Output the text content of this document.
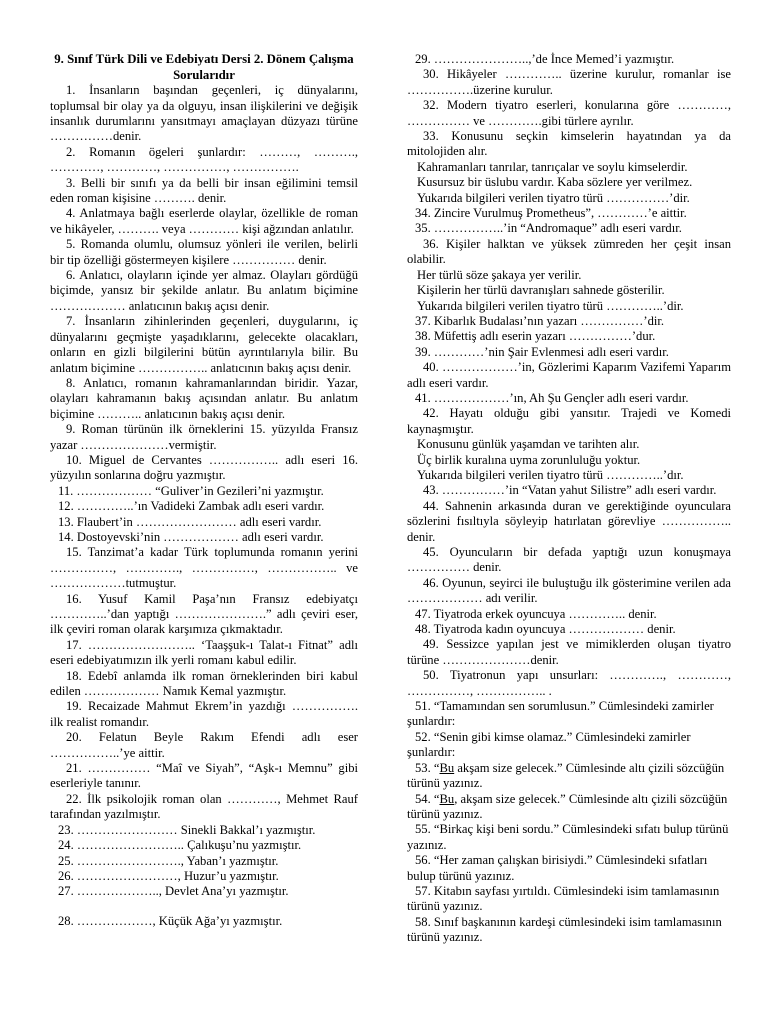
9. Sınıf Türk Dili ve Edebiyatı Dersi 2. Dönem Çalışma Sorularıdır

1. İnsanların başından geçenleri, iç dünyalarını, toplumsal bir olay ya da olguyu, insan ilişkilerini ve değişik insanlık durumlarını yansıtmayı amaçlayan düzyazı türüne ……………denir.

2. Romanın ögeleri şunlardır: ………, ………., …………, …………, ……………, …………….

3. Belli bir sınıfı ya da belli bir insan eğilimini temsil eden roman kişisine ………. denir.

4. Anlatmaya bağlı eserlerde olaylar, özellikle de roman ve hikâyeler, ………. veya ………… kişi ağzından anlatılır.

5. Romanda olumlu, olumsuz yönleri ile verilen, belirli bir tip özelliği göstermeyen kişilere …………… denir.

6. Anlatıcı, olayların içinde yer almaz. Olayları gördüğü biçimde, yansız bir şekilde anlatır. Bu anlatım biçimine ……………… anlatıcının bakış açısı denir.

7. İnsanların zihinlerinden geçenleri, duygularını, iç dünyalarını geçmişte yaşadıklarını, gelecekte olacakları, onların en gizli bilgilerini bütün ayrıntılarıyla bilir. Bu anlatım biçimine …………….. anlatıcının bakış açısı denir.

8. Anlatıcı, romanın kahramanlarından biridir. Yazar, olayları kahramanın bakış açısından anlatır. Bu anlatım biçimine ……….. anlatıcının bakış açısı denir.

9. Roman türünün ilk örneklerini 15. yüzyılda Fransız yazar …………………vermiştir.

10. Miguel de Cervantes …………….. adlı eseri 16. yüzyılın sonlarına doğru yazmıştır.

11. ……………… “Guliver’in Gezileri’ni yazmıştır.

12. …………..’ın Vadideki Zambak adlı eseri vardır.

13. Flaubert’in …………………… adlı eseri vardır.

14. Dostoyevski’nin ……………… adlı eseri vardır.

15. Tanzimat’a kadar Türk toplumunda romanın yerini ……………, …………., ……………, …………….. ve ………………tutmuştur.

16. Yusuf Kamil Paşa’nın Fransız edebiyatçı …………..’dan yaptığı ………………….” adlı çeviri eser, ilk çeviri roman olarak karşımıza çıkmaktadır.

17. …………………….. ‘Taaşşuk-ı Talat-ı Fitnat” adlı eseri edebiyatımızın ilk yerli romanı kabul edilir.

18. Edebî anlamda ilk roman örneklerinden biri kabul edilen ……………… Namık Kemal yazmıştır.

19. Recaizade Mahmut Ekrem’in yazdığı ……………. ilk realist romandır.

20. Felatun Beyle Rakım Efendi adlı eser ……………..’ye aittir.

21. …………… “Maî ve Siyah”, “Aşk-ı Memnu” gibi eserleriyle tanınır.

22. İlk psikolojik roman olan …………, Mehmet Rauf tarafından yazılmıştır.

23. …………………… Sinekli Bakkal’ı yazmıştır.

24. …………………….. Çalıkuşu’nu yazmıştır.

25. ……………………., Yaban’ı yazmıştır.

26. ……………………, Huzur’u yazmıştır.

27. ……………….., Devlet Ana’yı yazmıştır.

28. ………………, Küçük Ağa’yı yazmıştır.

29. …………………..,’de İnce Memed’i yazmıştır.

30. Hikâyeler ………….. üzerine kurulur, romanlar ise …………….üzerine kurulur.

32. Modern tiyatro eserleri, konularına göre …………, …………… ve ………….gibi türlere ayrılır.

33. Konusunu seçkin kimselerin hayatından ya da mitolojiden alır.

Kahramanları tanrılar, tanrıçalar ve soylu kimselerdir.

Kusursuz bir üslubu vardır. Kaba sözlere yer verilmez.

Yukarıda bilgileri verilen tiyatro türü ……………’dir.

34. Zincire Vurulmuş Prometheus”, …………’e aittir.

35. ……………..’in “Andromaque” adlı eseri vardır.

36. Kişiler halktan ve yüksek zümreden her çeşit insan olabilir.

Her türlü söze şakaya yer verilir.

Kişilerin her türlü davranışları sahnede gösterilir.

Yukarıda bilgileri verilen tiyatro türü …………..’dir.

37. Kibarlık Budalası’nın yazarı ……………’dir.

38. Müfettiş adlı eserin yazarı ……………’dur.

39. …………’nin Şair Evlenmesi adlı eseri vardır.

40. ………………’in, Gözlerimi Kaparım Vazifemi Yaparım adlı eseri vardır.

41. ………………’ın, Ah Şu Gençler adlı eseri vardır.

42. Hayatı olduğu gibi yansıtır. Trajedi ve Komedi kaynaşmıştır.

Konusunu günlük yaşamdan ve tarihten alır.

Üç birlik kuralına uyma zorunluluğu yoktur.

Yukarıda bilgileri verilen tiyatro türü …………..’dır.

43. ……………’in “Vatan yahut Silistre” adlı eseri vardır.

44. Sahnenin arkasında duran ve gerektiğinde oyunculara sözlerini fısıltıyla söyleyip hatırlatan görevliye …………….. denir.

45. Oyuncuların bir defada yaptığı uzun konuşmaya …………… denir.

46. Oyunun, seyirci ile buluştuğu ilk gösterimine verilen ada ……………… adı verilir.

47. Tiyatroda erkek oyuncuya ………….. denir.

48. Tiyatroda kadın oyuncuya ……………… denir.

49. Sessizce yapılan jest ve mimiklerden oluşan tiyatro türüne …………………denir.

50. Tiyatronun yapı unsurları: …………., …………, ……………, …………….. .

51. “Tamamından sen sorumlusun.” Cümlesindeki zamirler şunlardır:

52. “Senin gibi kimse olamaz.” Cümlesindeki zamirler şunlardır:

53. “Bu akşam size gelecek.” Cümlesinde altı çizili sözcüğün türünü yazınız.

54. “Bu, akşam size gelecek.” Cümlesinde altı çizili sözcüğün türünü yazınız.

55. “Birkaç kişi beni sordu.” Cümlesindeki sıfatı bulup türünü yazınız.

56. “Her zaman çalışkan birisiydi.” Cümlesindeki sıfatları bulup türünü yazınız.

57. Kitabın sayfası yırtıldı. Cümlesindeki isim tamlamasının türünü yazınız.

58. Sınıf başkanının kardeşi cümlesindeki isim tamlamasının türünü yazınız.
